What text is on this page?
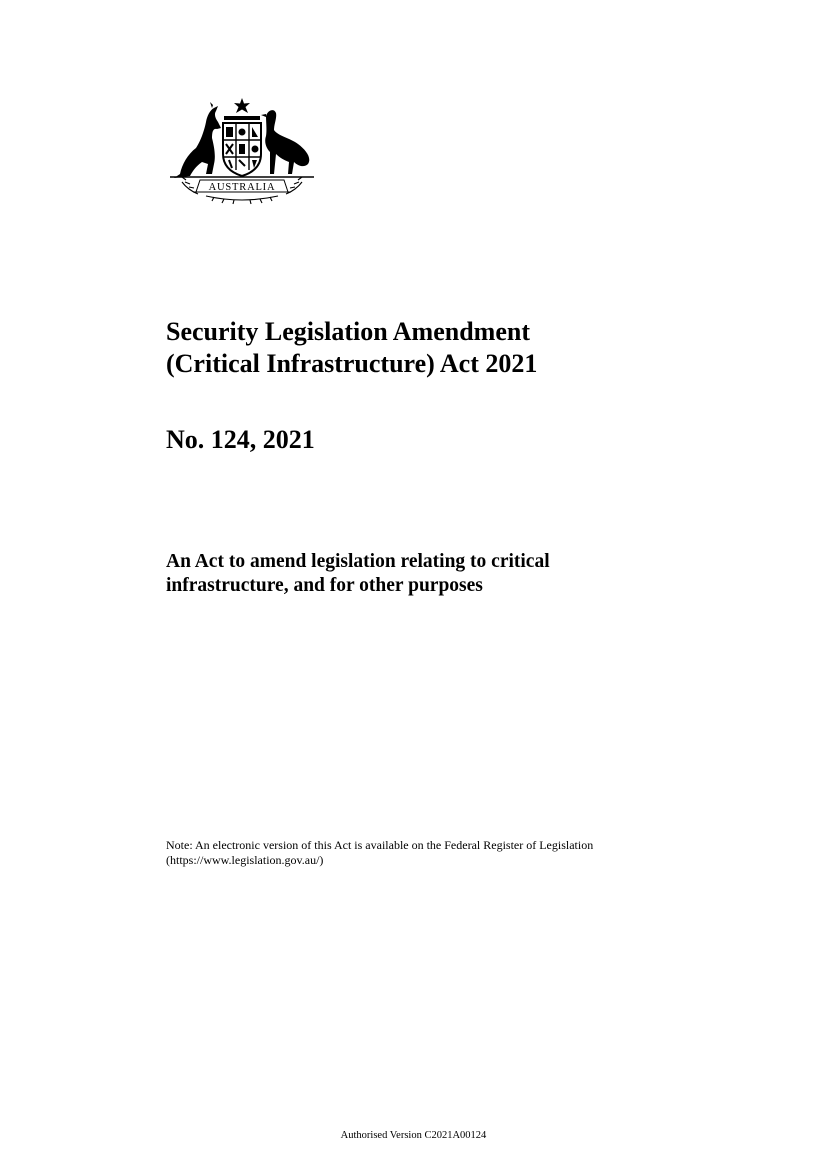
AUSTRALIA
Security Legislation Amendment
(Critical Infrastructure) Act 2021
No. 124, 2021
An Act to amend legislation relating to critical
infrastructure, and for other purposes

Note: An electronic version of this Act is available on the Federal Register of Legislation
(https://www.legislation.gov.au/)

Authorised Version C2021A00124
